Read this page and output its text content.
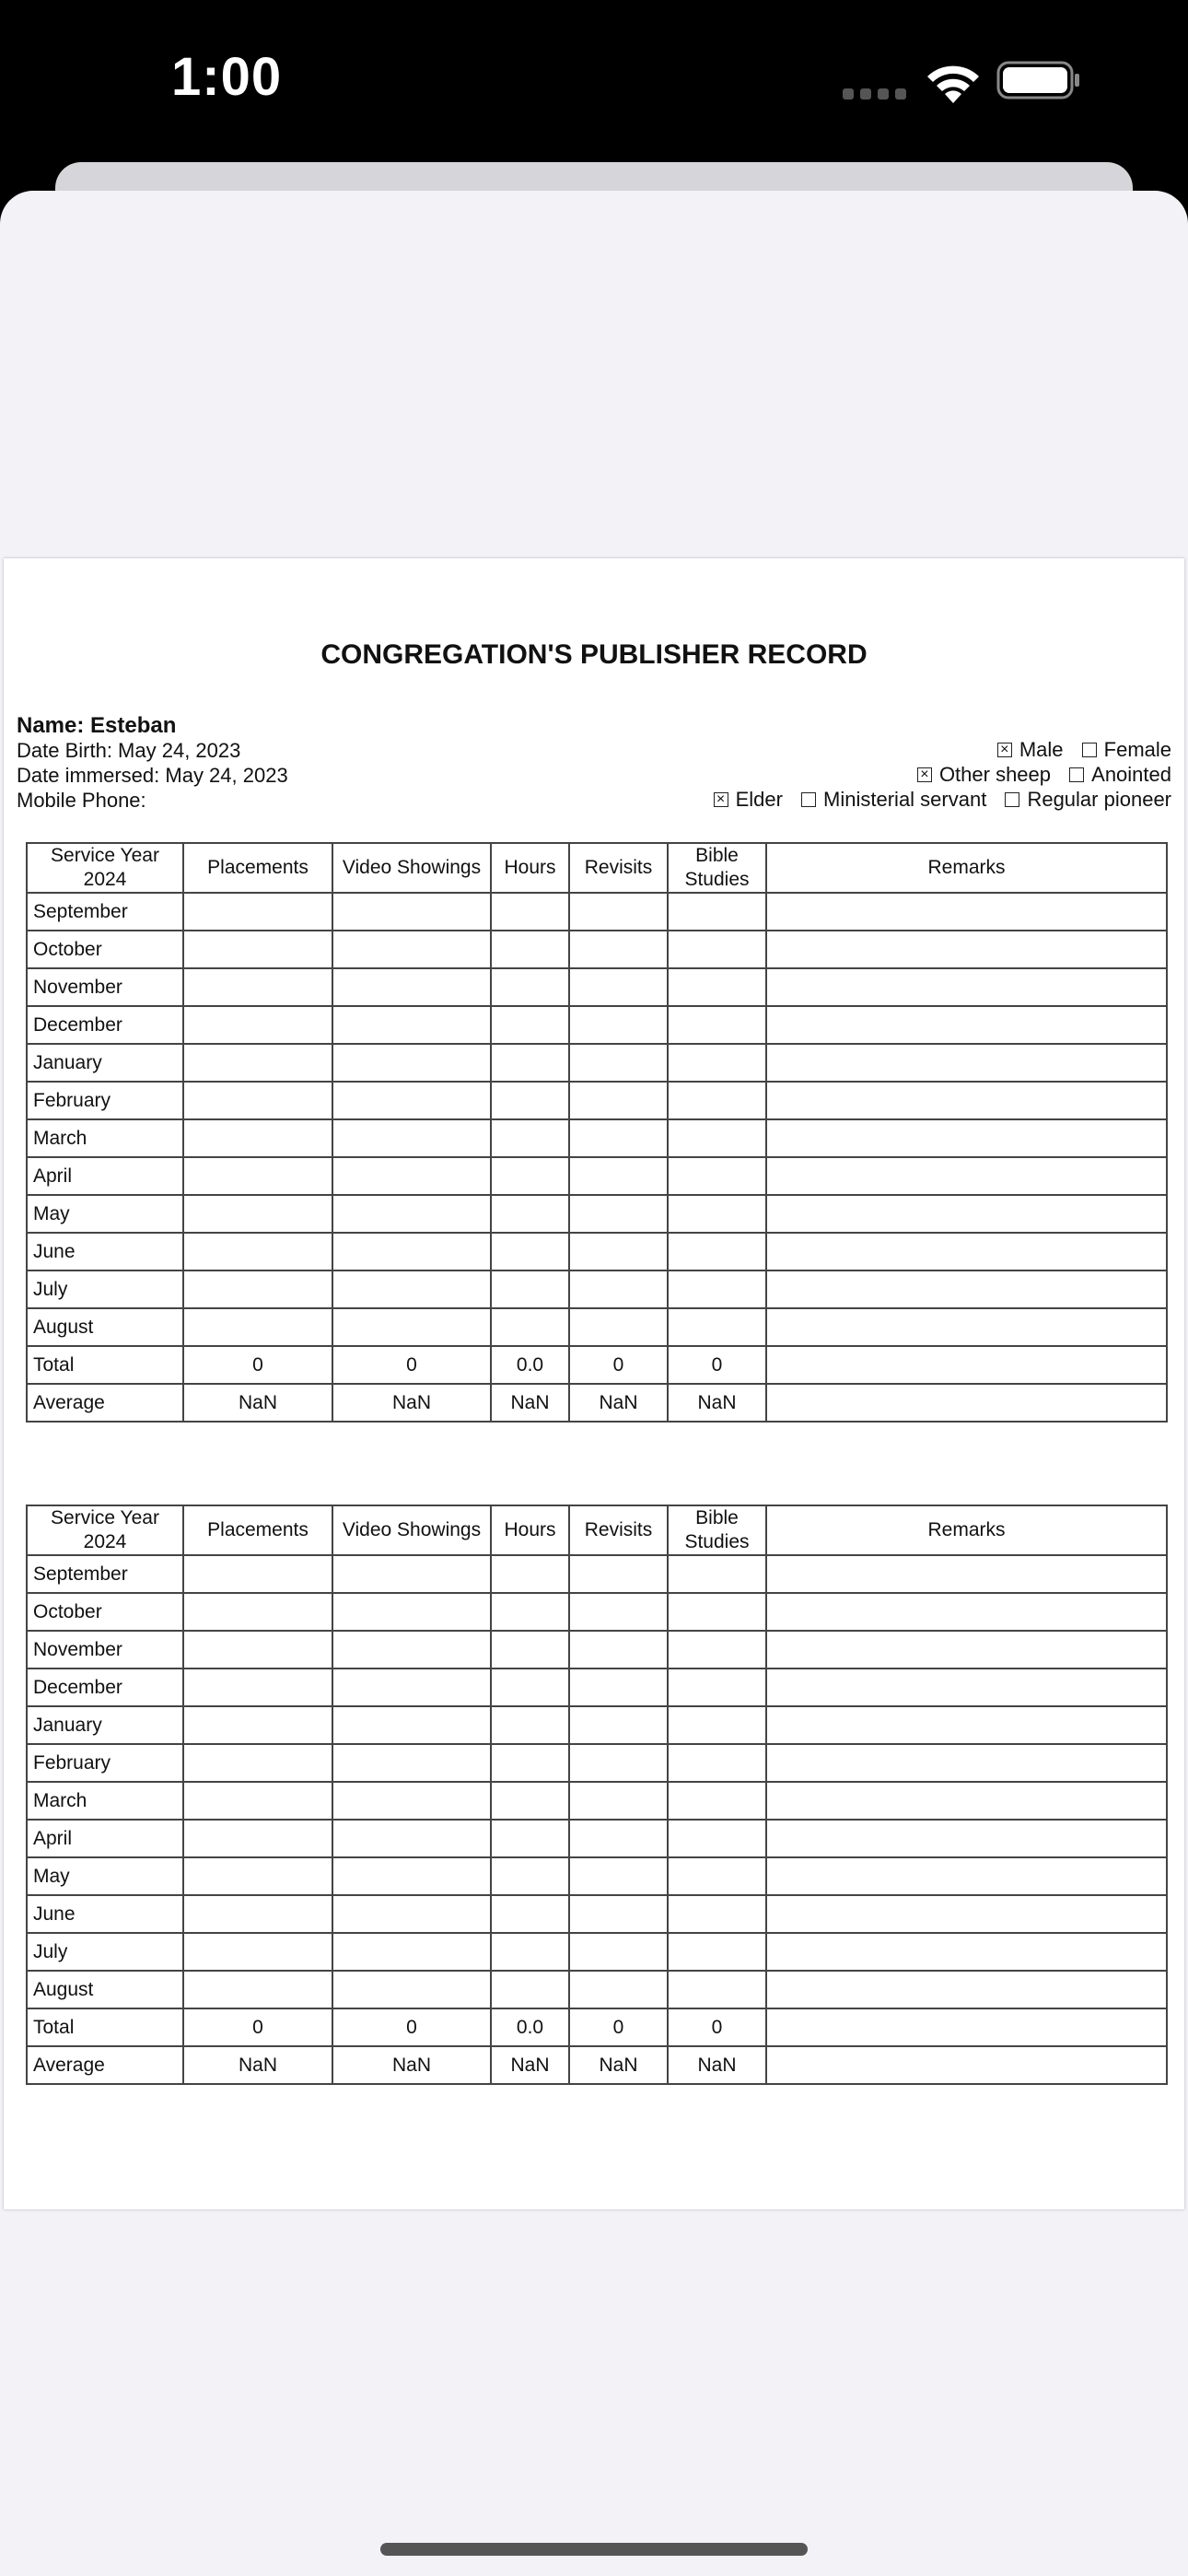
1:00
CONGREGATION'S PUBLISHER RECORD
Name: Esteban
Date Birth: May 24, 2023
Date immersed: May 24, 2023
Mobile Phone:
×Male Female
×Other sheep Anointed
×Elder Ministerial servant Regular pioneer
Service Year 2024	Placements	Video Showings	Hours	Revisits	Bible Studies	Remarks
September						
October						
November						
December						
January						
February						
March						
April						
May						
June						
July						
August						
Total	0	0	0.0	0	0	
Average	NaN	NaN	NaN	NaN	NaN	
Service Year 2024	Placements	Video Showings	Hours	Revisits	Bible Studies	Remarks
September						
October						
November						
December						
January						
February						
March						
April						
May						
June						
July						
August						
Total	0	0	0.0	0	0	
Average	NaN	NaN	NaN	NaN	NaN	
